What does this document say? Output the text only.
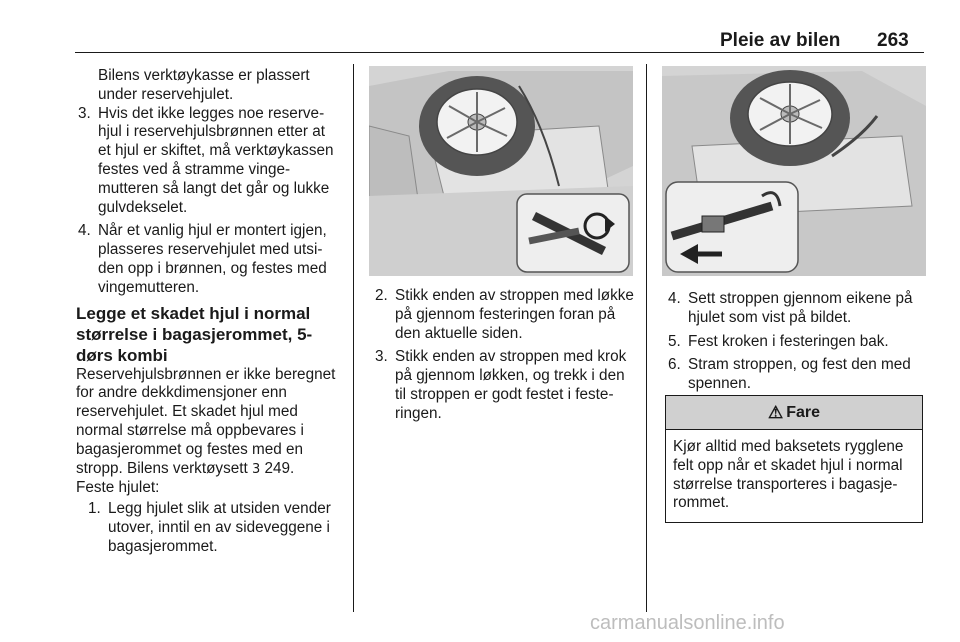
Pleie av bilen 263

Bilens verktøykasse er plassert under reservehjulet.

3. Hvis det ikke legges noe reservehjul i reservehjulsbrønnen etter at et hjul er skiftet, må verktøykassen festes ved å stramme vingemutteren så langt det går og lukke gulvdekselet.
4. Når et vanlig hjul er montert igjen, plasseres reservehjulet med utsiden opp i brønnen, og festes med vingemutteren.

Legge et skadet hjul i normal størrelse i bagasjerommet, 5-dørs kombi

Reservehjulsbrønnen er ikke beregnet for andre dekkdimensjoner enn reservehjulet. Et skadet hjul med normal størrelse må oppbevares i bagasjerommet og festes med en stropp. Bilens verktøysett 3 249.

Feste hjulet:

1. Legg hjulet slik at utsiden vender utover, inntil en av sideveggene i bagasjerommet.
2. Stikk enden av stroppen med løkke på gjennom festeringen foran på den aktuelle siden.
3. Stikk enden av stroppen med krok på gjennom løkken, og trekk i den til stroppen er godt festet i festeringen.
4. Sett stroppen gjennom eikene på hjulet som vist på bildet.
5. Fest kroken i festeringen bak.
6. Stram stroppen, og fest den med spennen.
⚠ Fare
Kjør alltid med baksetets rygglene felt opp når et skadet hjul i normal størrelse transporteres i bagasjerommet.
carmanualsonline.info
